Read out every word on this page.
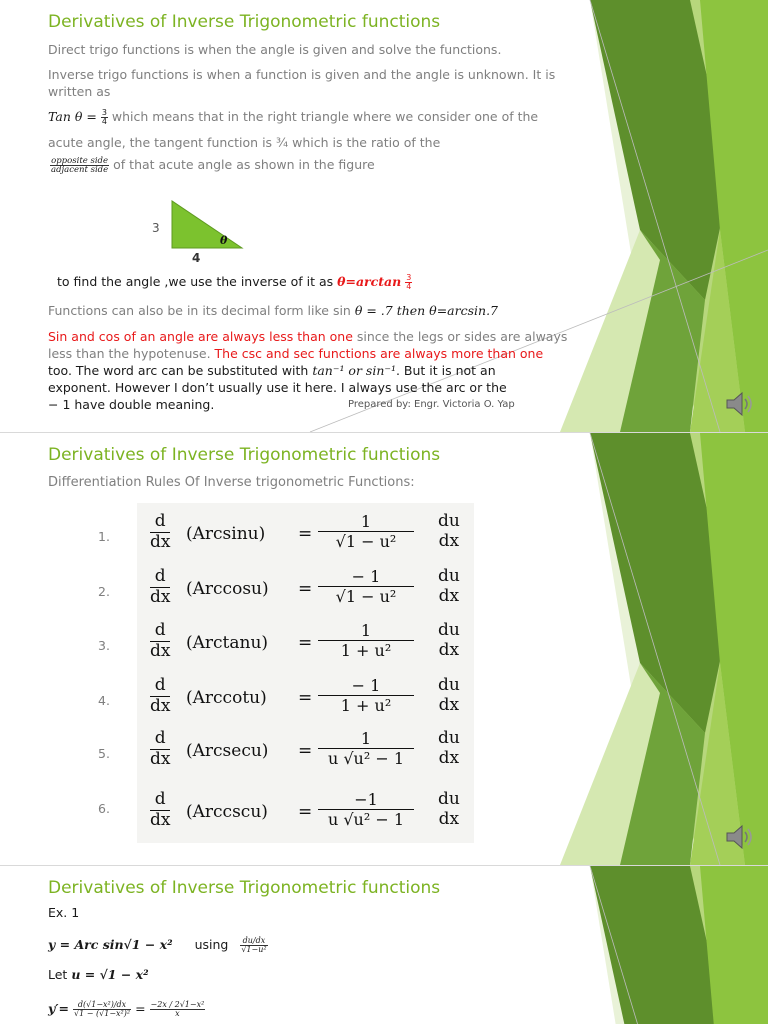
Derivatives of Inverse Trigonometric functions
Direct trigo functions is when the angle is given and solve the functions.
Inverse trigo functions is when a function is given and the angle is unknown. It is
written as
Tan $\theta = \frac{3}{4}$ which means that in the right triangle where we consider one of the
acute angle, the tangent function is ¾ which is the ratio of the
$\frac{\text{opposite side}}{\text{adjacent side}}$ of that acute angle as shown in the figure
3
θ
4
to find the angle ,we use the inverse of it as $\theta=\arctan \frac{3}{4}$
Functions can also be in its decimal form like sin θ = .7 then θ=arcsin.7
Sin and cos of an angle are always less than one since the legs or sides are always
less than the hypotenuse. The csc and sec functions are always more than one
too. The word arc can be substituted with tan⁻¹ or sin⁻¹. But it is not an
exponent. However I don’t usually use it here. I always use the arc or the
− 1 have double meaning.	Prepared by: Engr. Victoria O. Yap
Derivatives of Inverse Trigonometric functions
Differentiation Rules Of Inverse trigonometric Functions:
1.
d
dx (Arcsinu) =
1
√1 − u²
du
dx
2.
d
dx (Arccosu) =
− 1
√1 − u²
du
dx
3.
d
dx (Arctanu) =
1
1 + u²
du
dx
4.
d
dx (Arccotu) =
− 1
1 + u²
du
dx
5.
d
dx (Arcsecu) =
1
u √u² − 1
du
dx
6.	d
dx (Arccscu) =
−1
u √u² − 1
du
dx
Derivatives of Inverse Trigonometric functions
Ex. 1
y = Arc sin√1 − x² using $\frac{du/dx}{\text{√1−u²}}$
Let u = √1 − x²
$y'= \frac{\text{d(√1−x²)/dx}}{\text{√1 − (√1−x²)²}} = \frac{\text{−2x / 2√1−x²}}{x}$
